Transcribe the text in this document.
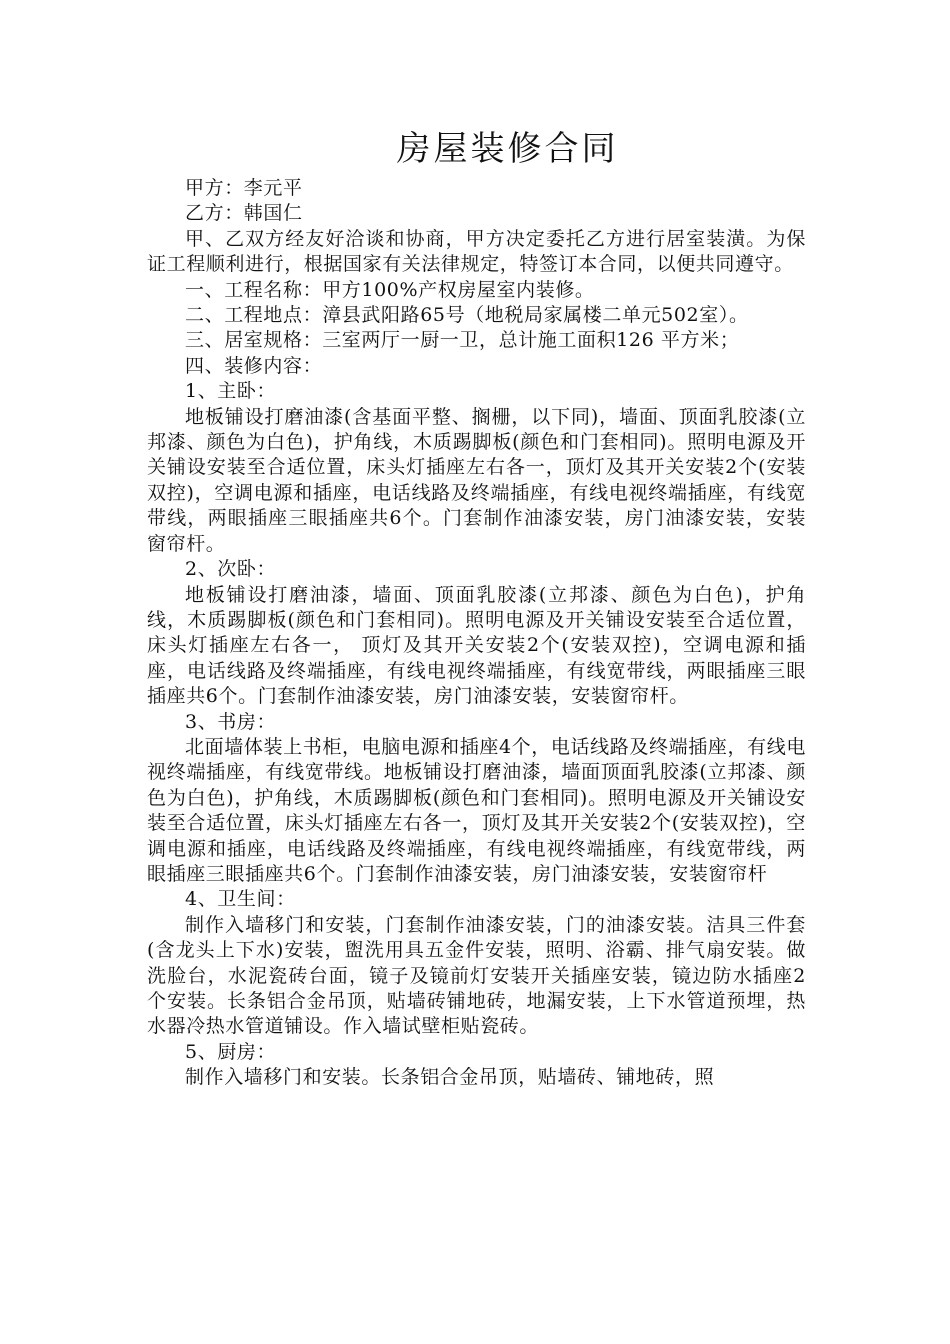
房屋装修合同

甲方：李元平

乙方：韩国仁

甲、乙双方经友好洽谈和协商，甲方决定委托乙方进行居室装潢。为保证工程顺利进行，根据国家有关法律规定，特签订本合同，以便共同遵守。

一、工程名称：甲方100%产权房屋室内装修。

二、工程地点：漳县武阳路65号（地税局家属楼二单元502室）。

三、居室规格：三室两厅一厨一卫，总计施工面积126 平方米；

四、装修内容：

1、主卧：

地板铺设打磨油漆(含基面平整、搁栅，以下同)，墙面、顶面乳胶漆(立邦漆、颜色为白色)，护角线，木质踢脚板(颜色和门套相同)。照明电源及开关铺设安装至合适位置，床头灯插座左右各一，顶灯及其开关安装2个(安装双控)，空调电源和插座，电话线路及终端插座，有线电视终端插座，有线宽带线，两眼插座三眼插座共6个。门套制作油漆安装，房门油漆安装，安装窗帘杆。

2、次卧：

地板铺设打磨油漆，墙面、顶面乳胶漆(立邦漆、颜色为白色)，护角线，木质踢脚板(颜色和门套相同)。照明电源及开关铺设安装至合适位置，床头灯插座左右各一， 顶灯及其开关安装2个(安装双控)，空调电源和插座，电话线路及终端插座，有线电视终端插座，有线宽带线，两眼插座三眼插座共6个。门套制作油漆安装，房门油漆安装，安装窗帘杆。

3、书房：

北面墙体装上书柜，电脑电源和插座4个，电话线路及终端插座，有线电视终端插座，有线宽带线。地板铺设打磨油漆，墙面顶面乳胶漆(立邦漆、颜色为白色)，护角线，木质踢脚板(颜色和门套相同)。照明电源及开关铺设安装至合适位置，床头灯插座左右各一，顶灯及其开关安装2个(安装双控)，空调电源和插座，电话线路及终端插座，有线电视终端插座，有线宽带线，两眼插座三眼插座共6个。门套制作油漆安装，房门油漆安装，安装窗帘杆

4、卫生间：

制作入墙移门和安装，门套制作油漆安装，门的油漆安装。洁具三件套(含龙头上下水)安装，盥洗用具五金件安装，照明、浴霸、排气扇安装。做洗脸台，水泥瓷砖台面，镜子及镜前灯安装开关插座安装，镜边防水插座2个安装。长条铝合金吊顶，贴墙砖铺地砖，地漏安装，上下水管道预埋，热水器冷热水管道铺设。作入墙试壁柜贴瓷砖。

5、厨房：

制作入墙移门和安装。长条铝合金吊顶，贴墙砖、铺地砖，照
